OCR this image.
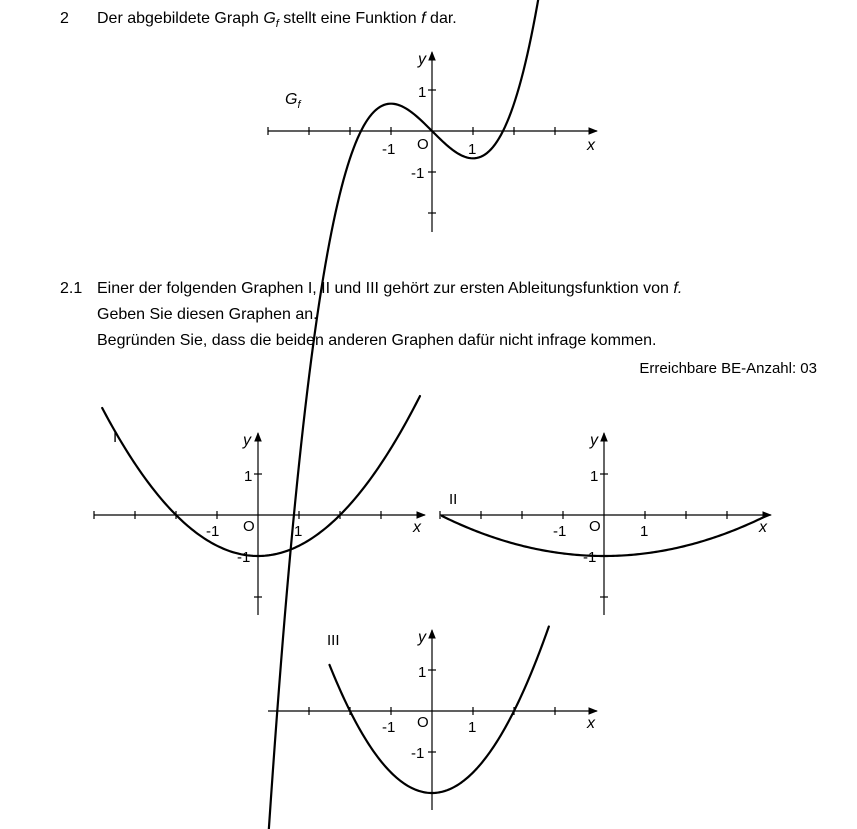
2 Der abgebildete Graph $G_f$ stellt eine Funktion f dar.
2.1 Einer der folgenden Graphen I, II und III gehört zur ersten Ableitungsfunktion von f.
Geben Sie diesen Graphen an.
Begründen Sie, dass die beiden anderen Graphen dafür nicht infrage kommen.
Erreichbare BE-Anzahl: 03
$G_f$
x
y
O	1
-1
1
-1
I
x
y
O	1
-1
1
-1
II
x
y
O	1
-1
1
-1
III
x
y
O	1
-1
1
-1
